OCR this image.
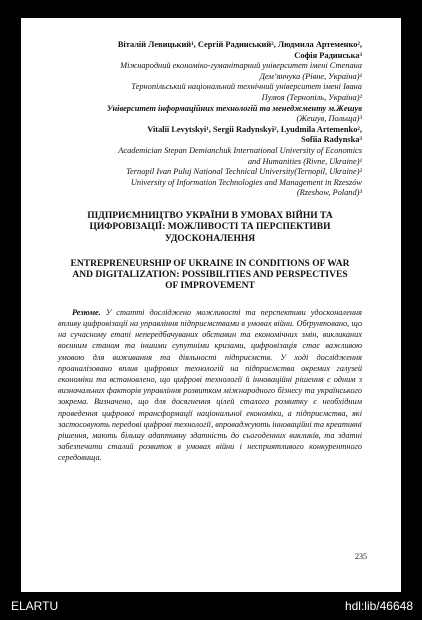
Віталій Левицький¹, Сергій Радинський², Людмила Артеменко²,
Софія Радинська³
Міжнародний економіко-гуманітарний університет імені Степана
Дем’янчука (Рівне, Україна)¹
Тернопільський національний технічний університет імені Івана
Пулюя (Тернопіль, Україна)²
Університет інформаційних технологій та менеджменту м.Жешув
(Жешув, Польща)³
Vitalii Levytskyi¹, Sergii Radynskyi², Lyudmila Artemenko²,
Sofiia Radynska³
Academician Stepan Demianchuk International University of Economics
and Humanities (Rivne, Ukraine)¹
Ternopil Ivan Puluj National Technical University(Ternopil, Ukraine)²
University of Information Technologies and Management in Rzeszów
(Rzeshow, Poland)³
ПІДПРИЄМНИЦТВО УКРАЇНИ В УМОВАХ ВІЙНИ ТА
ЦИФРОВІЗАЦІЇ: МОЖЛИВОСТІ ТА ПЕРСПЕКТИВИ
УДОСКОНАЛЕННЯ
ENTREPRENEURSHIP OF UKRAINE IN CONDITIONS OF WAR
AND DIGITALIZATION: POSSIBILITIES AND PERSPECTIVES
OF IMPROVEMENT

Резюме. У статті досліджено можливості та перспективи удосконалення впливу цифровізації на управління підприємствами в умовах війни. Обґрунтовано, що на сучасному етапі непередбачуваних обставин та економічних змін, викликаних воєнним станом та іншими супутніми кризами, цифровізація стає важливою умовою для виживання та діяльності підприємств. У ході дослідження проаналізовано вплив цифрових технологій на підприємства окремих галузей економіки та встановлено, що цифрові технології й інноваційні рішення є одним з визначальних факторів управління розвитком міжнародного бізнесу та українського зокрема. Визначено, що для досягнення цілей сталого розвитку є необхідним проведення цифрової трансформації національної економіки, а підприємства, які застосовують передові цифрові технології, впроваджують інноваційні та креативні рішення, мають більшу адаптивну здатність до сьогоденних викликів, та здатні забезпечити сталий розвиток в умовах війни і несприятливого конкурентного середовища.

235
ELARTU	hdl:lib/46648
